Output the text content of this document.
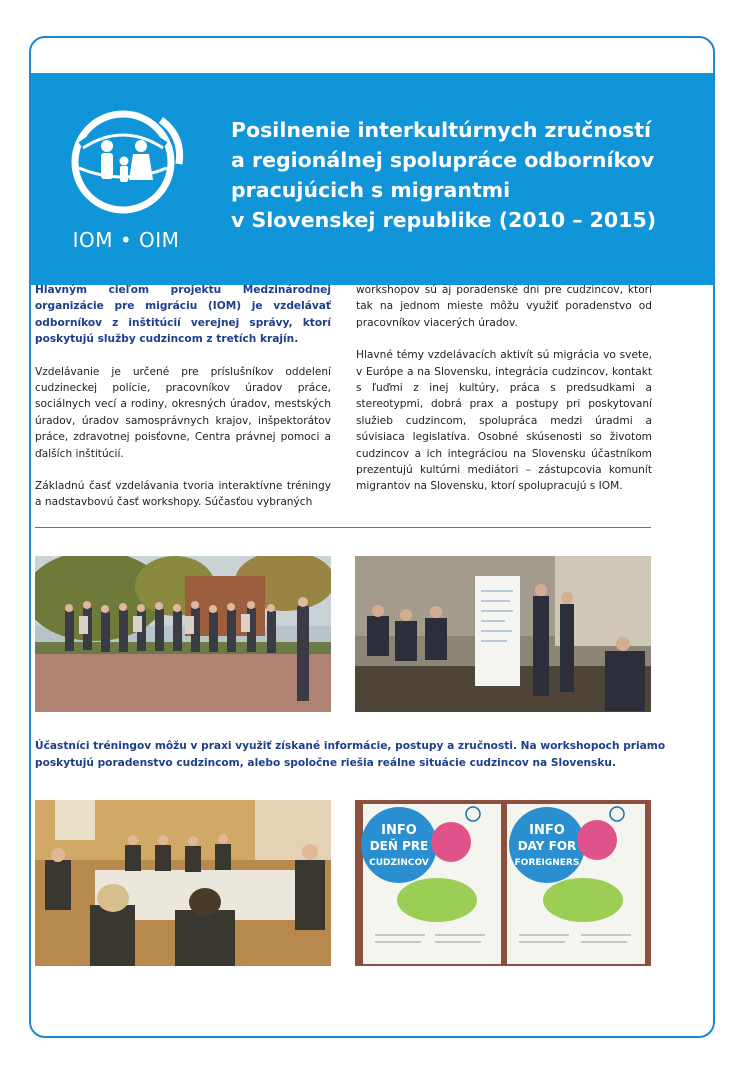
IOM • OIM
Posilnenie interkultúrnych zručností
a regionálnej spolupráce odborníkov
pracujúcich s migrantmi
v Slovenskej republike (2010 – 2015)

Hlavným cieľom projektu Medzinárodnej organizácie pre migráciu (IOM) je vzdelávať odborníkov z inštitúcií verejnej správy, ktorí poskytujú služby cudzincom z tretích krajín.

Vzdelávanie je určené pre príslušníkov oddelení cudzineckej polície, pracovníkov úradov práce, sociálnych vecí a rodiny, okresných úradov, mestských úradov, úradov samosprávnych krajov, inšpektorátov práce, zdravotnej poisťovne, Centra právnej pomoci a ďalších inštitúcií.

Základnú časť vzdelávania tvoria interaktívne tréningy a nadstavbovú časť workshopy. Súčasťou vybraných

workshopov sú aj poradenské dni pre cudzincov, ktorí tak na jednom mieste môžu využiť poradenstvo od pracovníkov viacerých úradov.

Hlavné témy vzdelávacích aktivít sú migrácia vo svete, v Európe a na Slovensku, integrácia cudzincov, kontakt s ľuďmi z inej kultúry, práca s predsudkami a stereotypmi, dobrá prax a postupy pri poskytovaní služieb cudzincom, spolupráca medzi úradmi a súvisiaca legislatíva. Osobné skúsenosti so životom cudzincov a ich integráciou na Slovensku účastníkom prezentujú kultúrni mediátori – zástupcovia komunít migrantov na Slovensku, ktorí spolupracujú s IOM.

Účastníci tréningov môžu v praxi využiť získané informácie, postupy a zručnosti. Na workshopoch priamo
poskytujú poradenstvo cudzincom, alebo spoločne riešia reálne situácie cudzincov na Slovensku.

INFO
DEŇ PRE
CUDZINCOV
INFO
DAY FOR
FOREIGNERS
